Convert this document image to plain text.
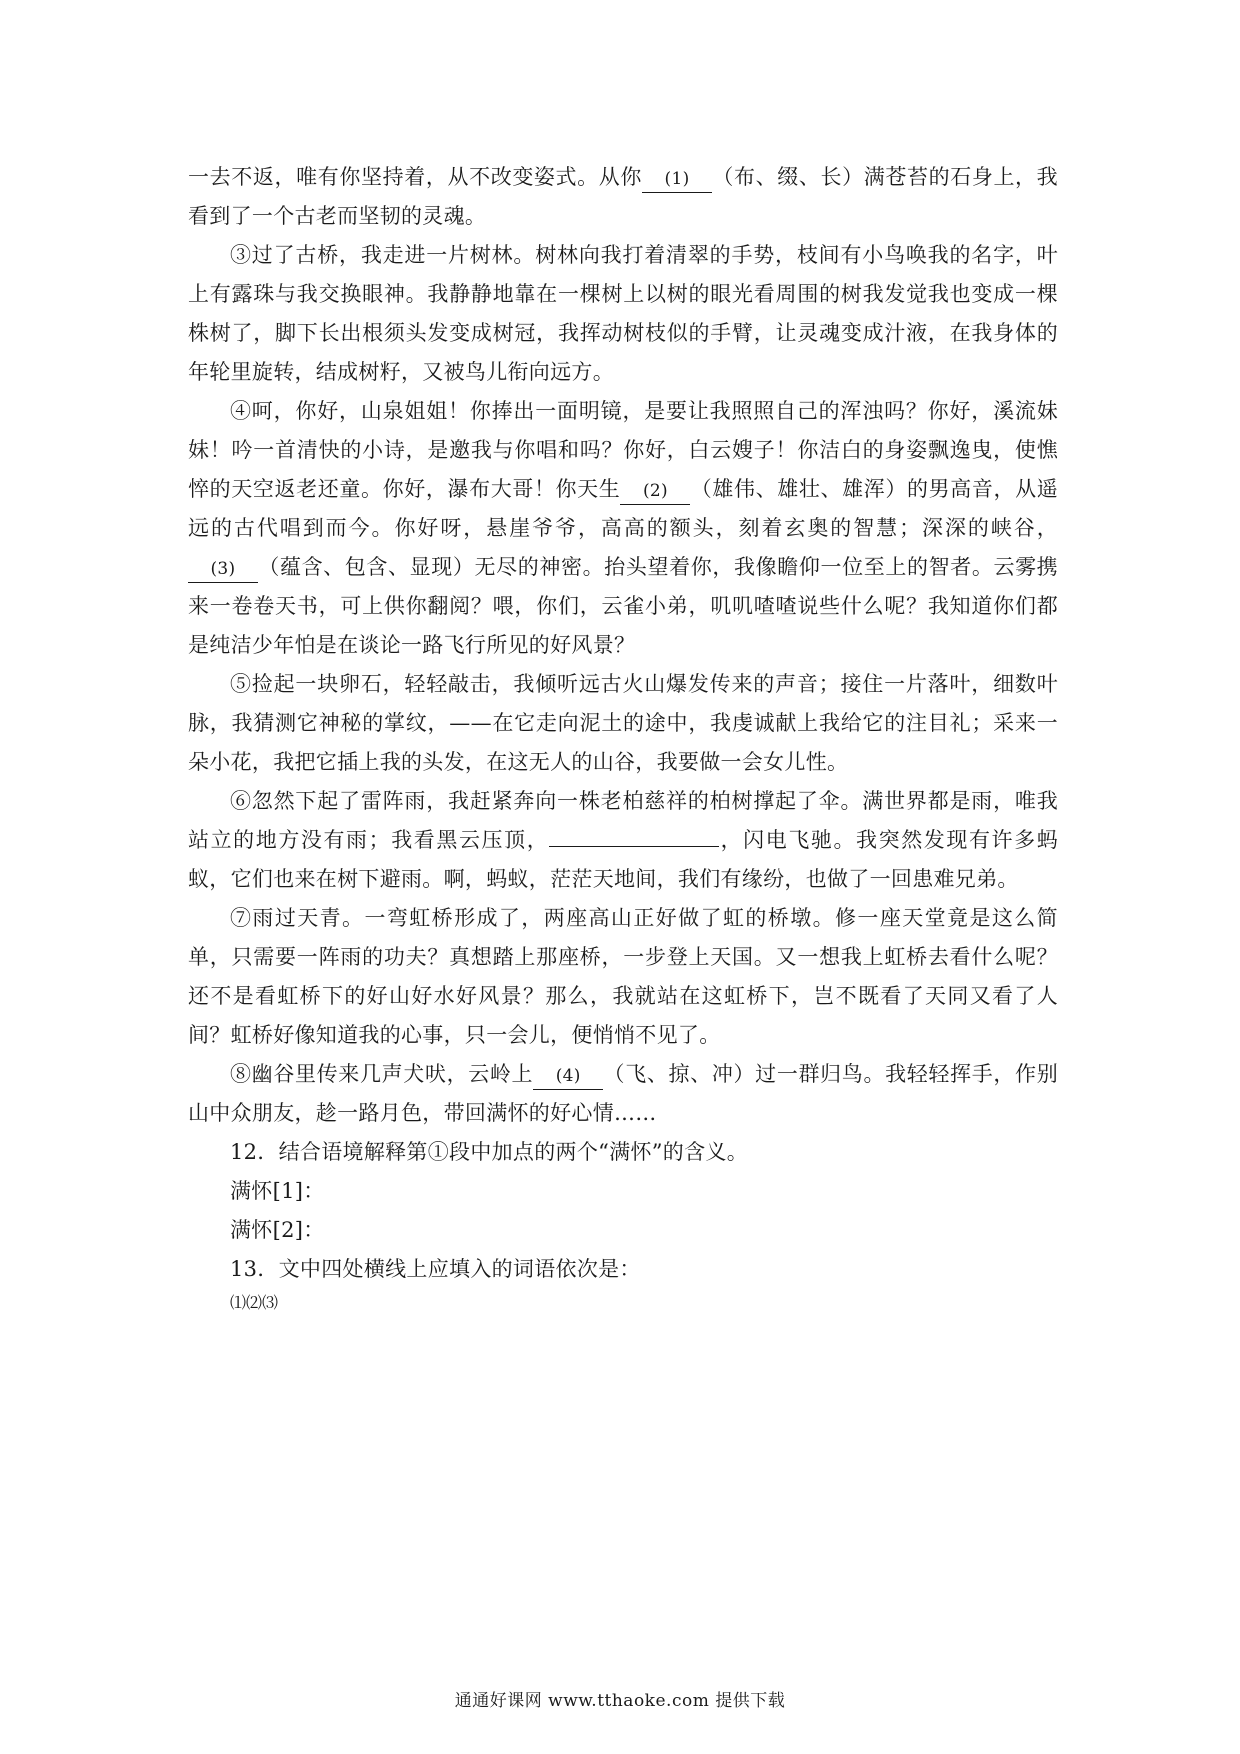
一去不返，唯有你坚持着，从不改变姿式。从你 (1) （布、缀、长）满苍苔的石身上，我看到了一个古老而坚韧的灵魂。

③过了古桥，我走进一片树林。树林向我打着清翠的手势，枝间有小鸟唤我的名字，叶上有露珠与我交换眼神。我静静地靠在一棵树上以树的眼光看周围的树我发觉我也变成一棵株树了，脚下长出根须头发变成树冠，我挥动树枝似的手臂，让灵魂变成汁液，在我身体的年轮里旋转，结成树籽，又被鸟儿衔向远方。

④呵，你好，山泉姐姐！你捧出一面明镜，是要让我照照自己的浑浊吗？你好，溪流妹妹！吟一首清快的小诗，是邀我与你唱和吗？你好，白云嫂子！你洁白的身姿飘逸曳，使憔悴的天空返老还童。你好，瀑布大哥！你天生 (2) （雄伟、雄壮、雄浑）的男高音，从遥远的古代唱到而今。你好呀，悬崖爷爷，高高的额头，刻着玄奥的智慧；深深的峡谷，(3) （蕴含、包含、显现）无尽的神密。抬头望着你，我像瞻仰一位至上的智者。云雾携来一卷卷天书，可上供你翻阅？喂，你们，云雀小弟，叽叽喳喳说些什么呢？我知道你们都是纯洁少年怕是在谈论一路飞行所见的好风景？

⑤捡起一块卵石，轻轻敲击，我倾听远古火山爆发传来的声音；接住一片落叶，细数叶脉，我猜测它神秘的掌纹，——在它走向泥土的途中，我虔诚献上我给它的注目礼；采来一朵小花，我把它插上我的头发，在这无人的山谷，我要做一会女儿性。

⑥忽然下起了雷阵雨，我赶紧奔向一株老柏慈祥的柏树撑起了伞。满世界都是雨，唯我站立的地方没有雨；我看黑云压顶，	，闪电飞驰。我突然发现有许多蚂蚁，它们也来在树下避雨。啊，蚂蚁，茫茫天地间，我们有缘纷，也做了一回患难兄弟。

⑦雨过天青。一弯虹桥形成了，两座高山正好做了虹的桥墩。修一座天堂竟是这么简单，只需要一阵雨的功夫？真想踏上那座桥，一步登上天国。又一想我上虹桥去看什么呢？还不是看虹桥下的好山好水好风景？那么，我就站在这虹桥下，岂不既看了天同又看了人间？虹桥好像知道我的心事，只一会儿，便悄悄不见了。

⑧幽谷里传来几声犬吠，云岭上 (4) （飞、掠、冲）过一群归鸟。我轻轻挥手，作别山中众朋友，趁一路月色，带回满怀的好心情……

12．结合语境解释第①段中加点的两个“满怀”的含义。

满怀[1]：

满怀[2]：

13．文中四处横线上应填入的词语依次是：

⑴⑵⑶

通通好课网 www.tthaoke.com 提供下载
